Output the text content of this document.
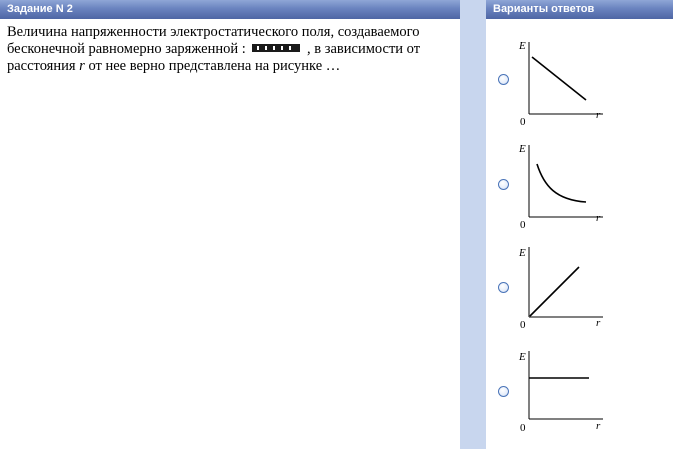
Задание N 2	Варианты ответов
Величина напряженности электростатического поля, создаваемого
бесконечной равномерно заряженной :	, в зависимости от
расстояния r от нее верно представлена на рисунке …
E
r
0
E
r
0
E
r
0
E
r
0
